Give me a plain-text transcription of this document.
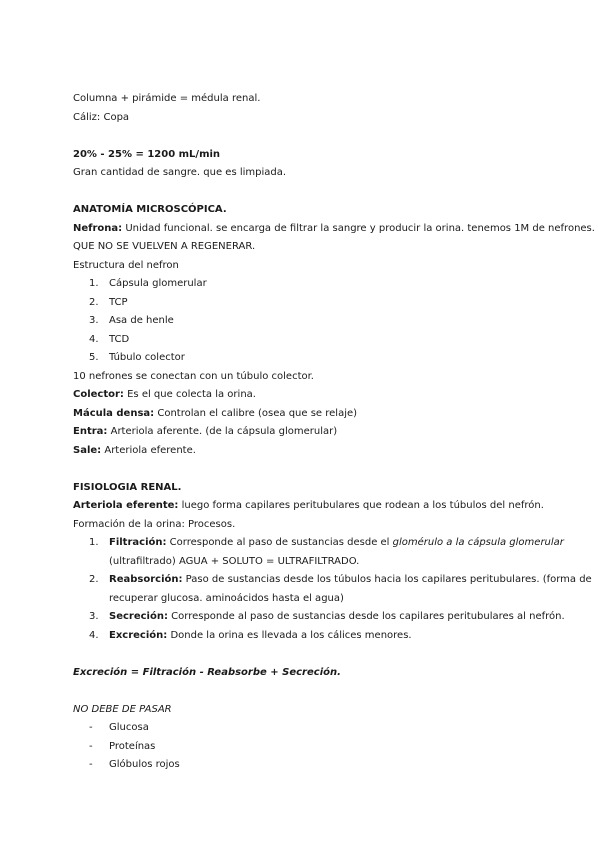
Columna + pirámide = médula renal.
Cáliz: Copa
20% - 25% = 1200 mL/min
Gran cantidad de sangre. que es limpiada.
ANATOMÍA MICROSCÓPICA.
Nefrona: Unidad funcional. se encarga de filtrar la sangre y producir la orina. tenemos 1M de nefrones.
QUE NO SE VUELVEN A REGENERAR.
Estructura del nefron
1. Cápsula glomerular
2. TCP
3. Asa de henle
4. TCD
5. Túbulo colector
10 nefrones se conectan con un túbulo colector.
Colector: Es el que colecta la orina.
Mácula densa: Controlan el calibre (osea que se relaje)
Entra: Arteriola aferente. (de la cápsula glomerular)
Sale: Arteriola eferente.
FISIOLOGIA RENAL.
Arteriola eferente: luego forma capilares peritubulares que rodean a los túbulos del nefrón.
Formación de la orina: Procesos.
1. Filtración: Corresponde al paso de sustancias desde el glomérulo a la cápsula glomerular
(ultrafiltrado) AGUA + SOLUTO = ULTRAFILTRADO.
2. Reabsorción: Paso de sustancias desde los túbulos hacia los capilares peritubulares. (forma de
recuperar glucosa. aminoácidos hasta el agua)
3. Secreción: Corresponde al paso de sustancias desde los capilares peritubulares al nefrón.
4. Excreción: Donde la orina es llevada a los cálices menores.
Excreción = Filtración - Reabsorbe + Secreción.
NO DEBE DE PASAR
- Glucosa
- Proteínas
- Glóbulos rojos
